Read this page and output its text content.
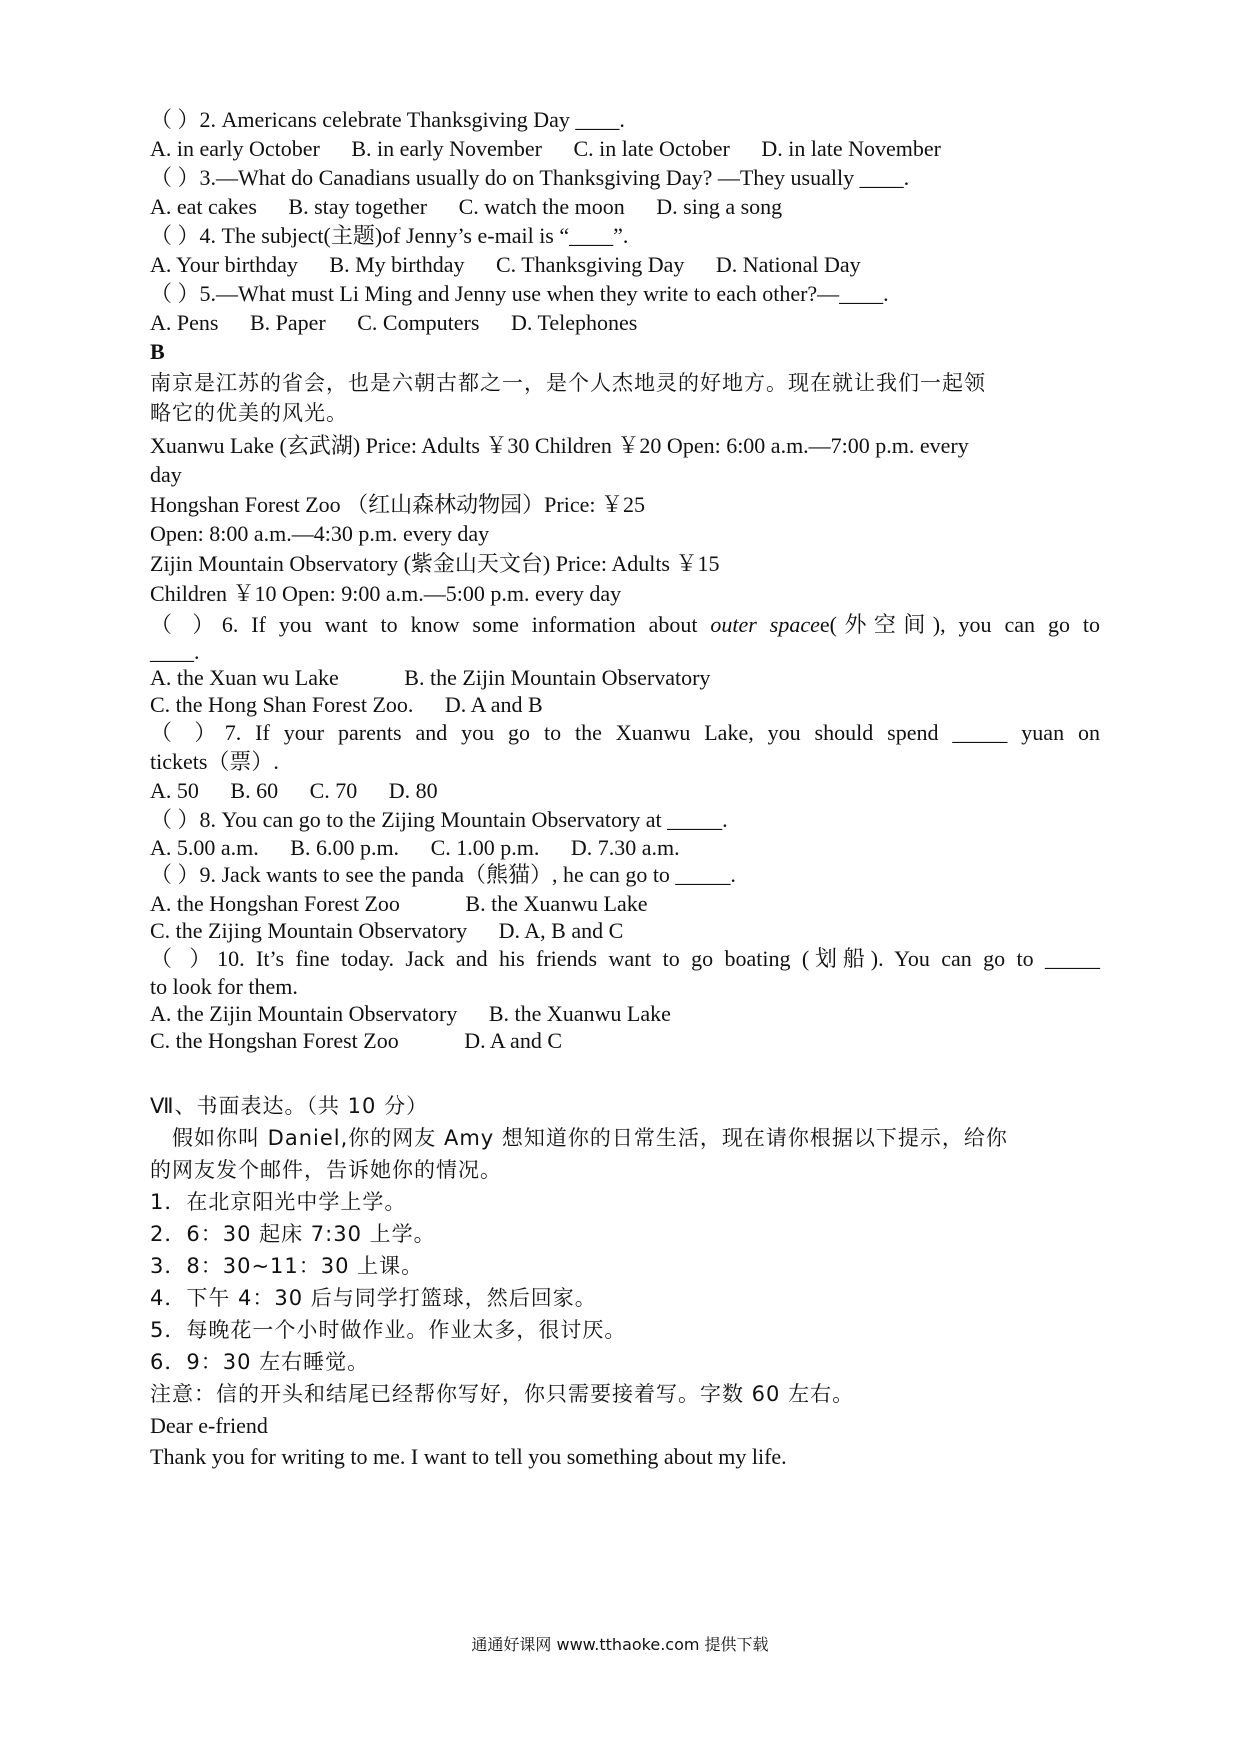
（ ）2. Americans celebrate Thanksgiving Day ____.
A. in early October B. in early November C. in late October D. in late November
（ ）3.—What do Canadians usually do on Thanksgiving Day? —They usually ____.
A. eat cakes B. stay together C. watch the moon D. sing a song
（ ）4. The subject(主题)of Jenny’s e-mail is “____”.
A. Your birthday B. My birthday C. Thanksgiving Day D. National Day
（ ）5.—What must Li Ming and Jenny use when they write to each other?—____.
A. Pens B. Paper C. Computers D. Telephones
B
南京是江苏的省会，也是六朝古都之一，是个人杰地灵的好地方。现在就让我们一起领
略它的优美的风光。
Xuanwu Lake (玄武湖) Price: Adults ￥30 Children ￥20 Open: 6:00 a.m.—7:00 p.m. every
day
Hongshan Forest Zoo （红山森林动物园）Price: ￥25
Open: 8:00 a.m.—4:30 p.m. every day
Zijin Mountain Observatory (紫金山天文台) Price: Adults ￥15
Children ￥10 Open: 9:00 a.m.—5:00 p.m. every day
（ ）6. If you want to know some information about outer spacee(外空间), you can go to
____.
A. the Xuan wu Lake	B. the Zijin Mountain Observatory
C. the Hong Shan Forest Zoo. D. A and B
（ ）7. If your parents and you go to the Xuanwu Lake, you should spend _____ yuan on
tickets（票）.
A. 50 B. 60 C. 70 D. 80
（ ）8. You can go to the Zijing Mountain Observatory at _____.
A. 5.00 a.m. B. 6.00 p.m. C. 1.00 p.m. D. 7.30 a.m.
（ ）9. Jack wants to see the panda（熊猫）, he can go to _____.
A. the Hongshan Forest Zoo	B. the Xuanwu Lake
C. the Zijing Mountain Observatory D. A, B and C
（ ）10. It’s fine today. Jack and his friends want to go boating (划船). You can go to _____
to look for them.
A. the Zijin Mountain Observatory B. the Xuanwu Lake
C. the Hongshan Forest Zoo	D. A and C
Ⅶ、书面表达。（共 10 分）
假如你叫 Daniel,你的网友 Amy 想知道你的日常生活，现在请你根据以下提示，给你
的网友发个邮件，告诉她你的情况。
1．在北京阳光中学上学。
2．6：30 起床 7:30 上学。
3．8：30~11：30 上课。
4．下午 4：30 后与同学打篮球，然后回家。
5．每晚花一个小时做作业。作业太多，很讨厌。
6．9：30 左右睡觉。
注意：信的开头和结尾已经帮你写好，你只需要接着写。字数 60 左右。
Dear e-friend
Thank you for writing to me. I want to tell you something about my life.
通通好课网 www.tthaoke.com 提供下载
